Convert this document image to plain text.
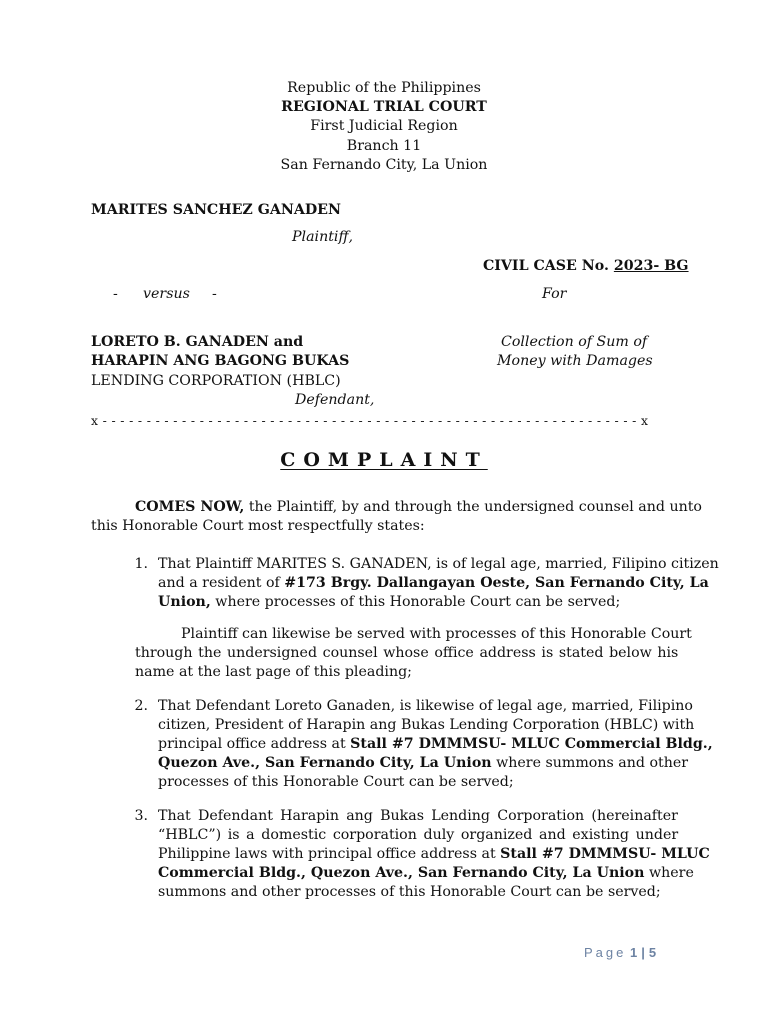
Republic of the Philippines
REGIONAL TRIAL COURT
First Judicial Region
Branch 11
San Fernando City, La Union
MARITES SANCHEZ GANADEN
Plaintiff,
CIVIL CASE No. 2023- BG
- versus -	For
LORETO B. GANADEN and
HARAPIN ANG BAGONG BUKAS
LENDING CORPORATION (HBLC)
Defendant,
Collection of Sum of
Money with Damages
x - - - - - - - - - - - - - - - - - - - - - - - - - - - - - - - - - - - - - - - - - - - - - - - - - - - - - - - - - - - - - x
COMPLAINT
COMES NOW, the Plaintiff, by and through the undersigned counsel and unto
this Honorable Court most respectfully states:
1. That Plaintiff MARITES S. GANADEN, is of legal age, married, Filipino citizen
and a resident of #173 Brgy. Dallangayan Oeste, San Fernando City, La
Union, where processes of this Honorable Court can be served;
Plaintiff can likewise be served with processes of this Honorable Court
through the undersigned counsel whose office address is stated below his
name at the last page of this pleading;
2. That Defendant Loreto Ganaden, is likewise of legal age, married, Filipino
citizen, President of Harapin ang Bukas Lending Corporation (HBLC) with
principal office address at Stall #7 DMMMSU- MLUC Commercial Bldg.,
Quezon Ave., San Fernando City, La Union where summons and other
processes of this Honorable Court can be served;
3. That Defendant Harapin ang Bukas Lending Corporation (hereinafter
“HBLC”) is a domestic corporation duly organized and existing under
Philippine laws with principal office address at Stall #7 DMMMSU- MLUC
Commercial Bldg., Quezon Ave., San Fernando City, La Union where
summons and other processes of this Honorable Court can be served;
Page 1 | 5
